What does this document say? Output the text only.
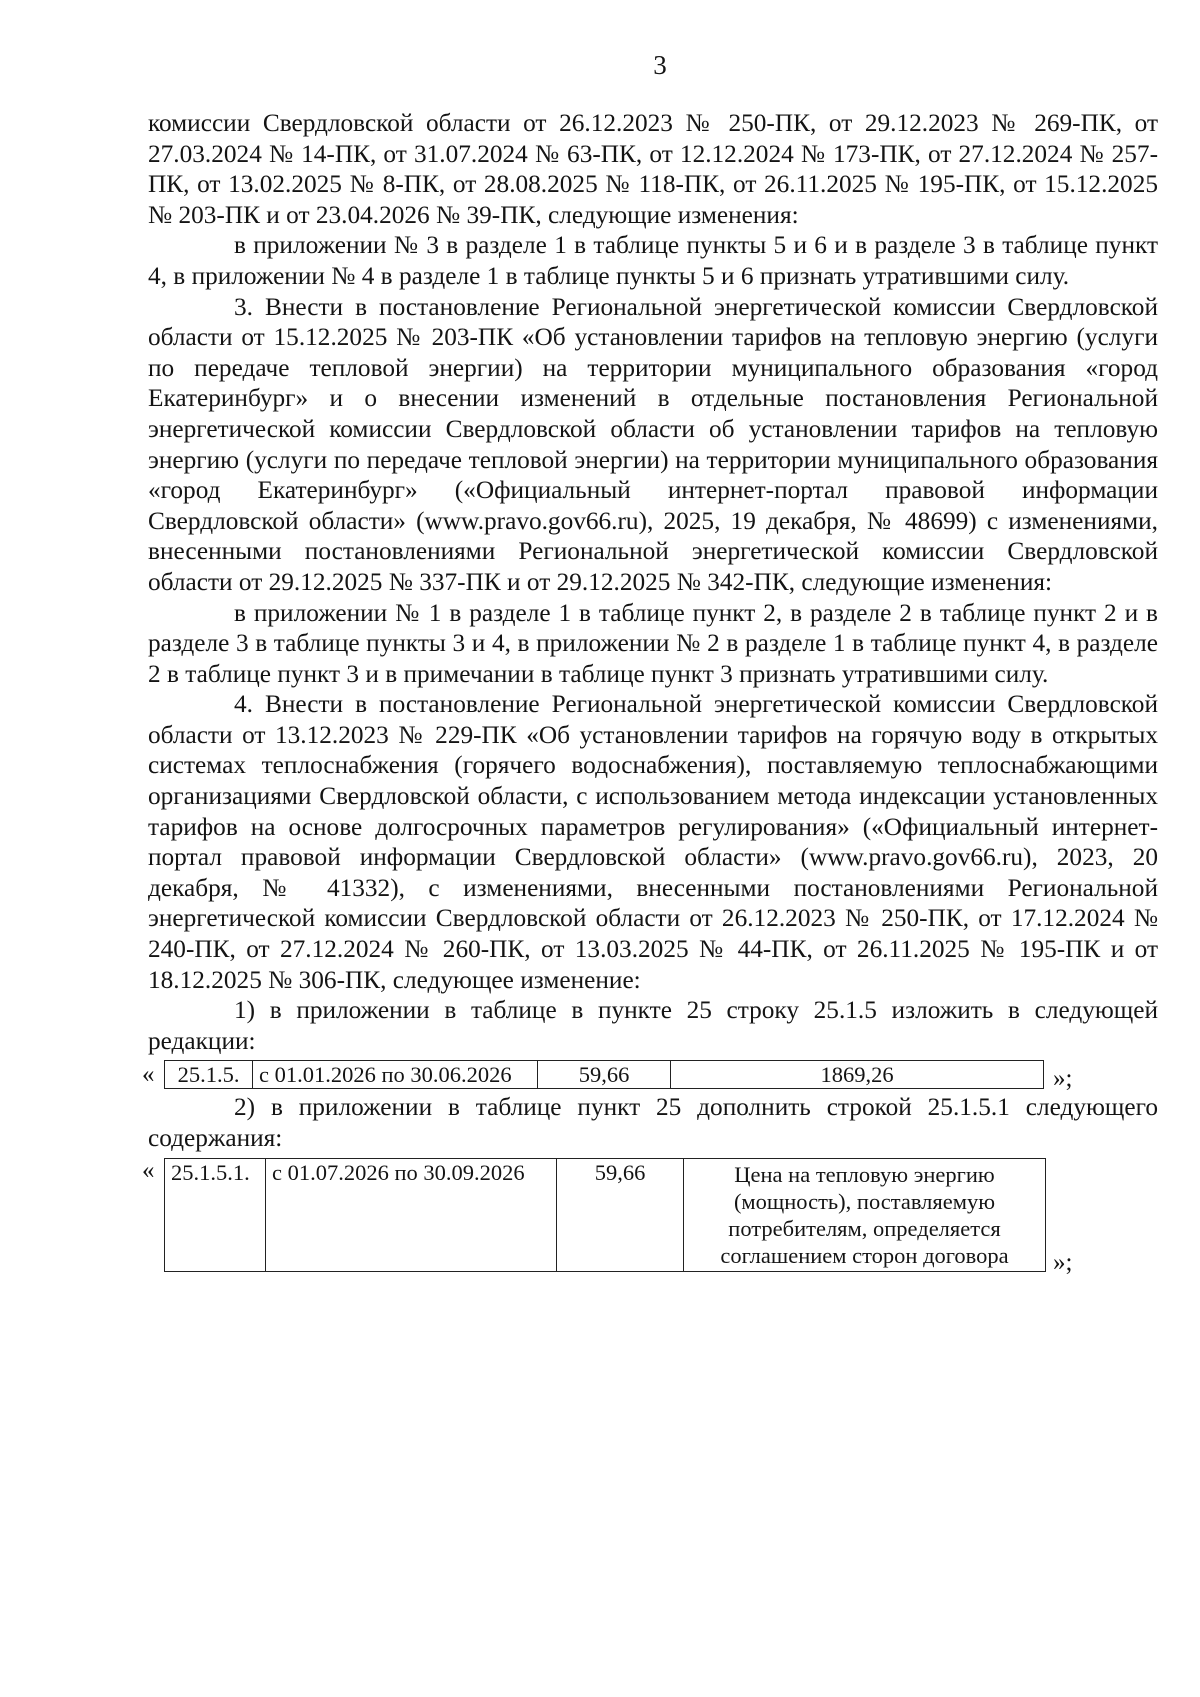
3

комиссии Свердловской области от 26.12.2023 № 250-ПК, от 29.12.2023 № 269-ПК, от 27.03.2024 № 14-ПК, от 31.07.2024 № 63-ПК, от 12.12.2024 № 173-ПК, от 27.12.2024 № 257-ПК, от 13.02.2025 № 8-ПК, от 28.08.2025 № 118-ПК, от 26.11.2025 № 195-ПК, от 15.12.2025 № 203-ПК и от 23.04.2026 № 39-ПК, следующие изменения:

в приложении № 3 в разделе 1 в таблице пункты 5 и 6 и в разделе 3 в таблице пункт 4, в приложении № 4 в разделе 1 в таблице пункты 5 и 6 признать утратившими силу.

3. Внести в постановление Региональной энергетической комиссии Свердловской области от 15.12.2025 № 203-ПК «Об установлении тарифов на тепловую энергию (услуги по передаче тепловой энергии) на территории муниципального образования «город Екатеринбург» и о внесении изменений в отдельные постановления Региональной энергетической комиссии Свердловской области об установлении тарифов на тепловую энергию (услуги по передаче тепловой энергии) на территории муниципального образования «город Екатеринбург» («Официальный интернет-портал правовой информации Свердловской области» (www.pravo.gov66.ru), 2025, 19 декабря, № 48699) с изменениями, внесенными постановлениями Региональной энергетической комиссии Свердловской области от 29.12.2025 № 337-ПК и от 29.12.2025 № 342-ПК, следующие изменения:

в приложении № 1 в разделе 1 в таблице пункт 2, в разделе 2 в таблице пункт 2 и в разделе 3 в таблице пункты 3 и 4, в приложении № 2 в разделе 1 в таблице пункт 4, в разделе 2 в таблице пункт 3 и в примечании в таблице пункт 3 признать утратившими силу.

4. Внести в постановление Региональной энергетической комиссии Свердловской области от 13.12.2023 № 229-ПК «Об установлении тарифов на горячую воду в открытых системах теплоснабжения (горячего водоснабжения), поставляемую теплоснабжающими организациями Свердловской области, с использованием метода индексации установленных тарифов на основе долгосрочных параметров регулирования» («Официальный интернет-портал правовой информации Свердловской области» (www.pravo.gov66.ru), 2023, 20 декабря, № 41332), с изменениями, внесенными постановлениями Региональной энергетической комиссии Свердловской области от 26.12.2023 № 250-ПК, от 17.12.2024 № 240-ПК, от 27.12.2024 № 260-ПК, от 13.03.2025 № 44-ПК, от 26.11.2025 № 195-ПК и от 18.12.2025 № 306-ПК, следующее изменение:

1) в приложении в таблице в пункте 25 строку 25.1.5 изложить в следующей редакции:

« 25.1.5.	с 01.01.2026 по 30.06.2026	59,66	1869,26	»;

2) в приложении в таблице пункт 25 дополнить строкой 25.1.5.1 следующего содержания:

« 25.1.5.1.	с 01.07.2026 по 30.09.2026	59,66	Цена на тепловую энергию
(мощность), поставляемую
потребителям, определяется
соглашением сторон договора	»;
